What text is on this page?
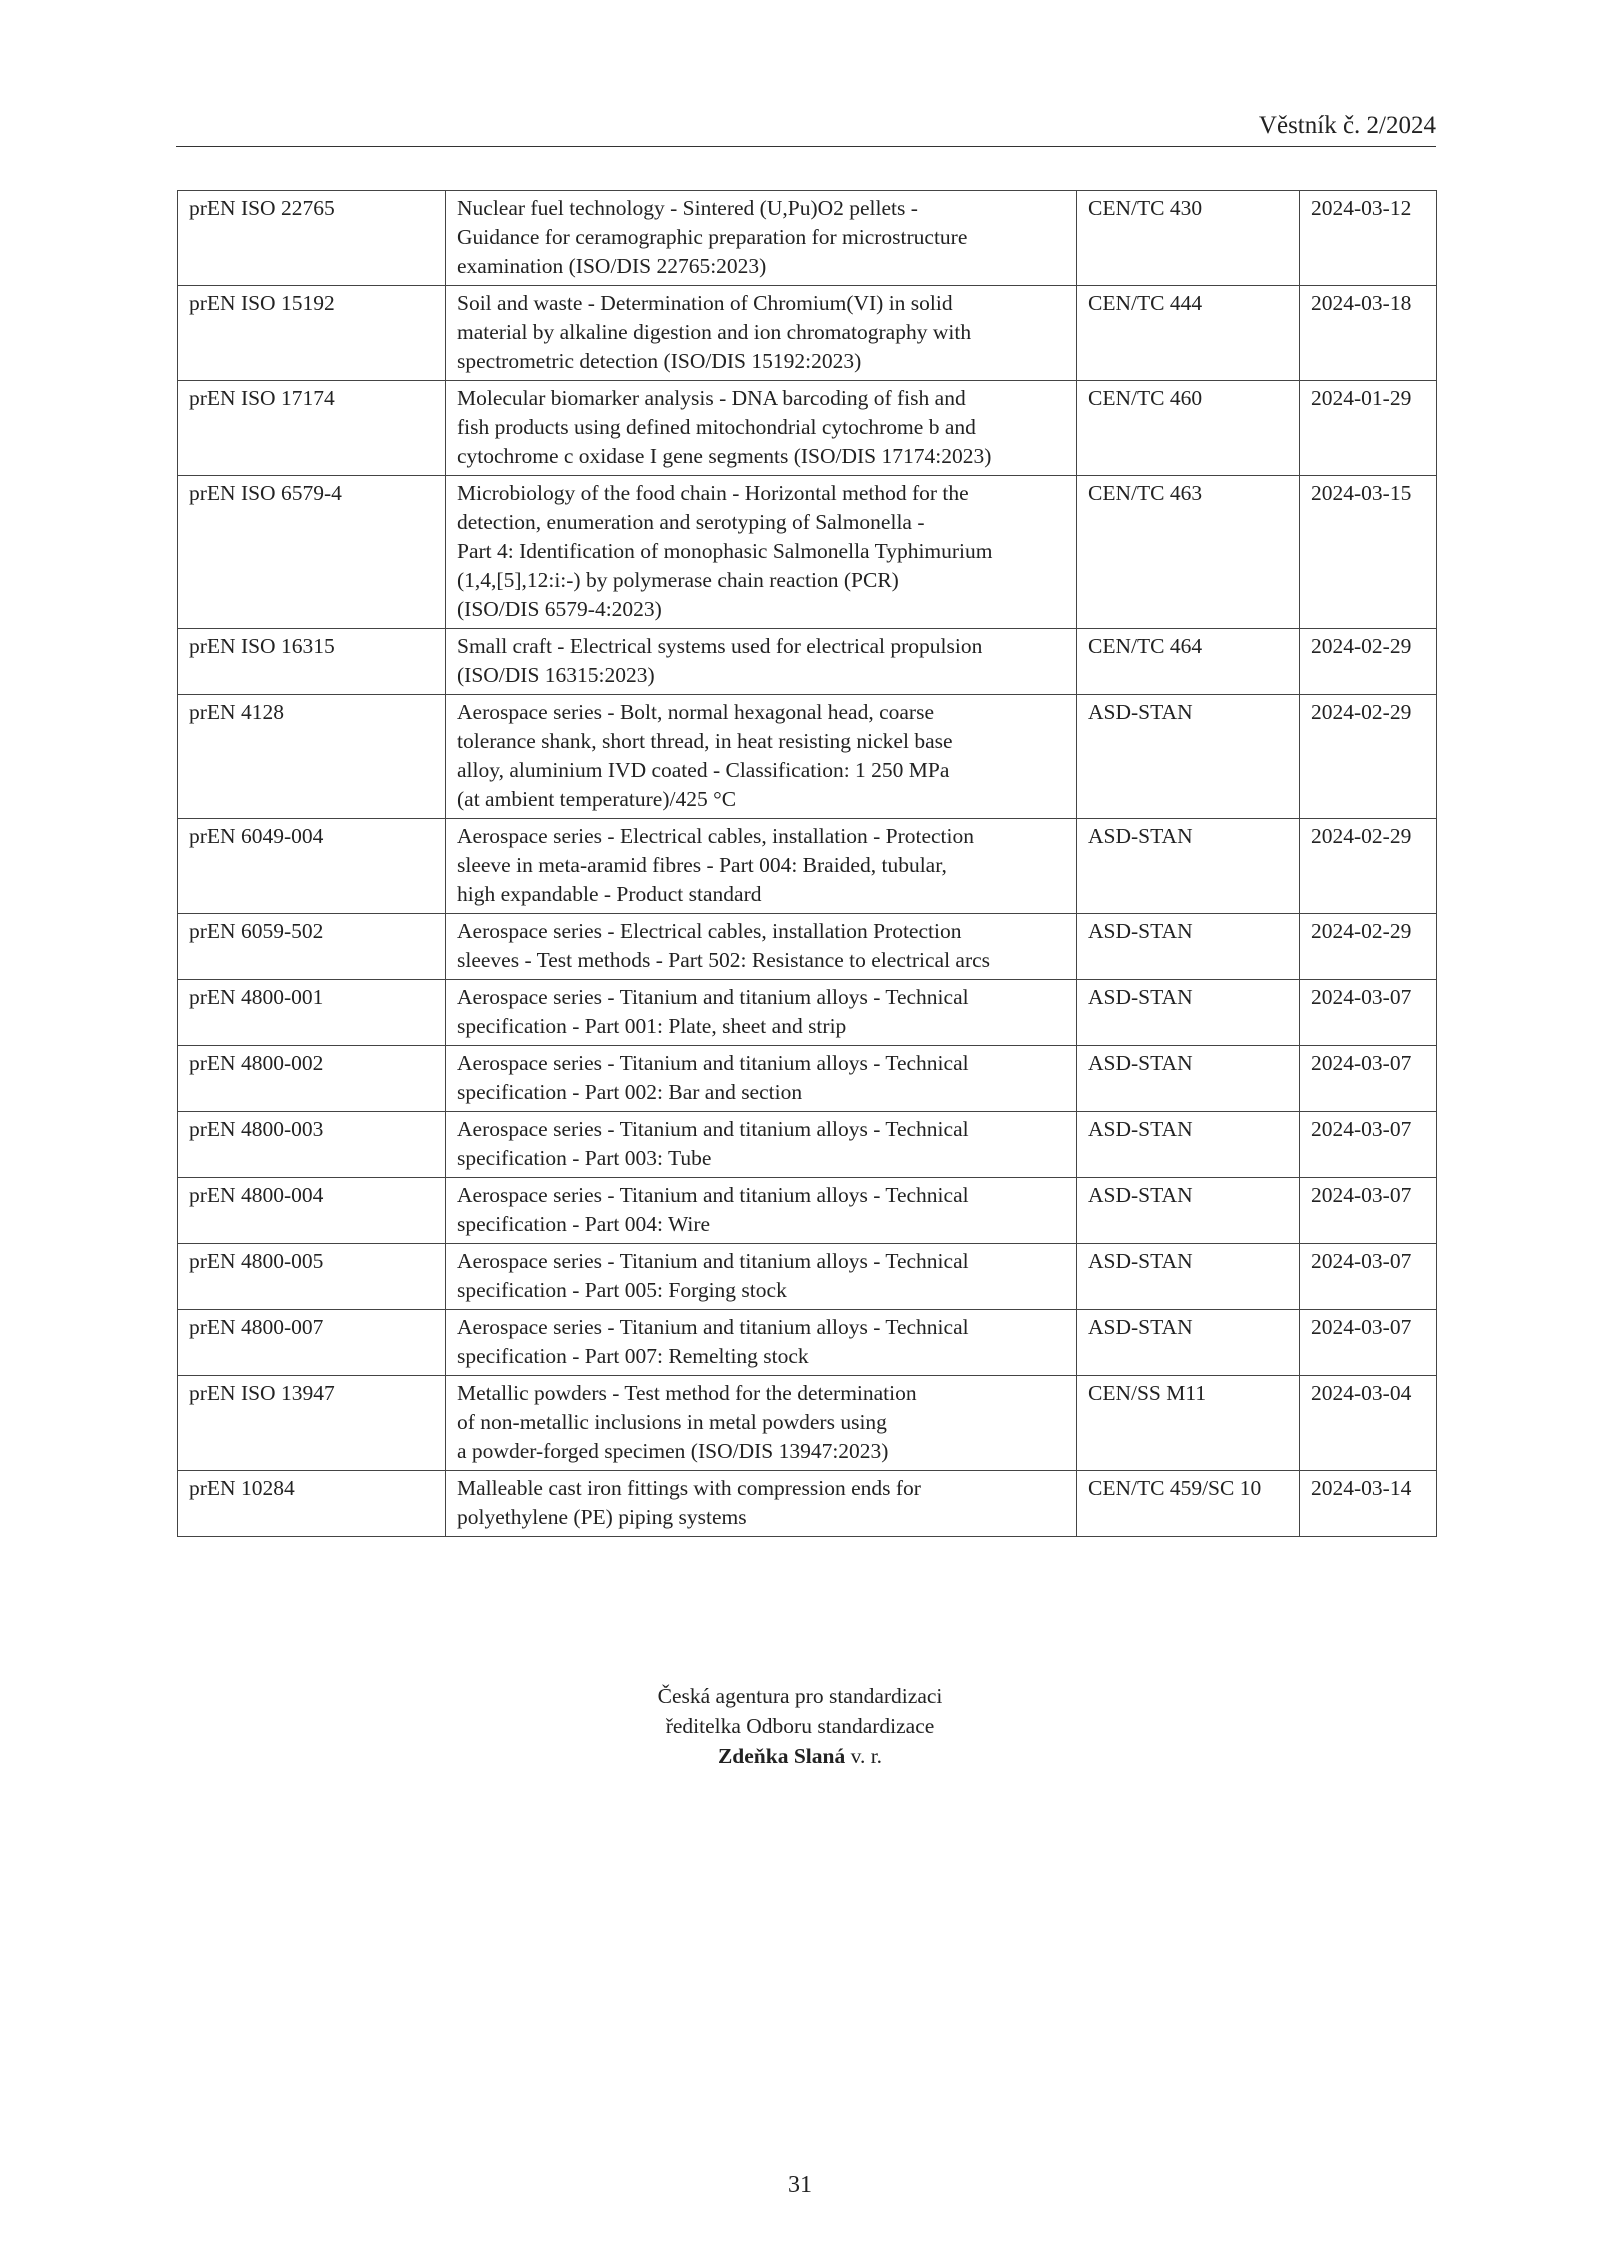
Věstník č. 2/2024
prEN ISO 22765	Nuclear fuel technology - Sintered (U,Pu)O2 pellets -
Guidance for ceramographic preparation for microstructure
examination (ISO/DIS 22765:2023)	CEN/TC 430	2024-03-12
prEN ISO 15192	Soil and waste - Determination of Chromium(VI) in solid
material by alkaline digestion and ion chromatography with
spectrometric detection (ISO/DIS 15192:2023)	CEN/TC 444	2024-03-18
prEN ISO 17174	Molecular biomarker analysis - DNA barcoding of fish and
fish products using defined mitochondrial cytochrome b and
cytochrome c oxidase I gene segments (ISO/DIS 17174:2023)	CEN/TC 460	2024-01-29
prEN ISO 6579-4	Microbiology of the food chain - Horizontal method for the
detection, enumeration and serotyping of Salmonella -
Part 4: Identification of monophasic Salmonella Typhimurium
(1,4,[5],12:i:-) by polymerase chain reaction (PCR)
(ISO/DIS 6579-4:2023)	CEN/TC 463	2024-03-15
prEN ISO 16315	Small craft - Electrical systems used for electrical propulsion
(ISO/DIS 16315:2023)	CEN/TC 464	2024-02-29
prEN 4128	Aerospace series - Bolt, normal hexagonal head, coarse
tolerance shank, short thread, in heat resisting nickel base
alloy, aluminium IVD coated - Classification: 1 250 MPa
(at ambient temperature)/425 °C	ASD-STAN	2024-02-29
prEN 6049-004	Aerospace series - Electrical cables, installation - Protection
sleeve in meta-aramid fibres - Part 004: Braided, tubular,
high expandable - Product standard	ASD-STAN	2024-02-29
prEN 6059-502	Aerospace series - Electrical cables, installation Protection
sleeves - Test methods - Part 502: Resistance to electrical arcs	ASD-STAN	2024-02-29
prEN 4800-001	Aerospace series - Titanium and titanium alloys - Technical
specification - Part 001: Plate, sheet and strip	ASD-STAN	2024-03-07
prEN 4800-002	Aerospace series - Titanium and titanium alloys - Technical
specification - Part 002: Bar and section	ASD-STAN	2024-03-07
prEN 4800-003	Aerospace series - Titanium and titanium alloys - Technical
specification - Part 003: Tube	ASD-STAN	2024-03-07
prEN 4800-004	Aerospace series - Titanium and titanium alloys - Technical
specification - Part 004: Wire	ASD-STAN	2024-03-07
prEN 4800-005	Aerospace series - Titanium and titanium alloys - Technical
specification - Part 005: Forging stock	ASD-STAN	2024-03-07
prEN 4800-007	Aerospace series - Titanium and titanium alloys - Technical
specification - Part 007: Remelting stock	ASD-STAN	2024-03-07
prEN ISO 13947	Metallic powders - Test method for the determination
of non-metallic inclusions in metal powders using
a powder-forged specimen (ISO/DIS 13947:2023)	CEN/SS M11	2024-03-04
prEN 10284	Malleable cast iron fittings with compression ends for
polyethylene (PE) piping systems	CEN/TC 459/SC 10	2024-03-14
Česká agentura pro standardizaci
ředitelka Odboru standardizace
Zdeňka Slaná v. r.
31
